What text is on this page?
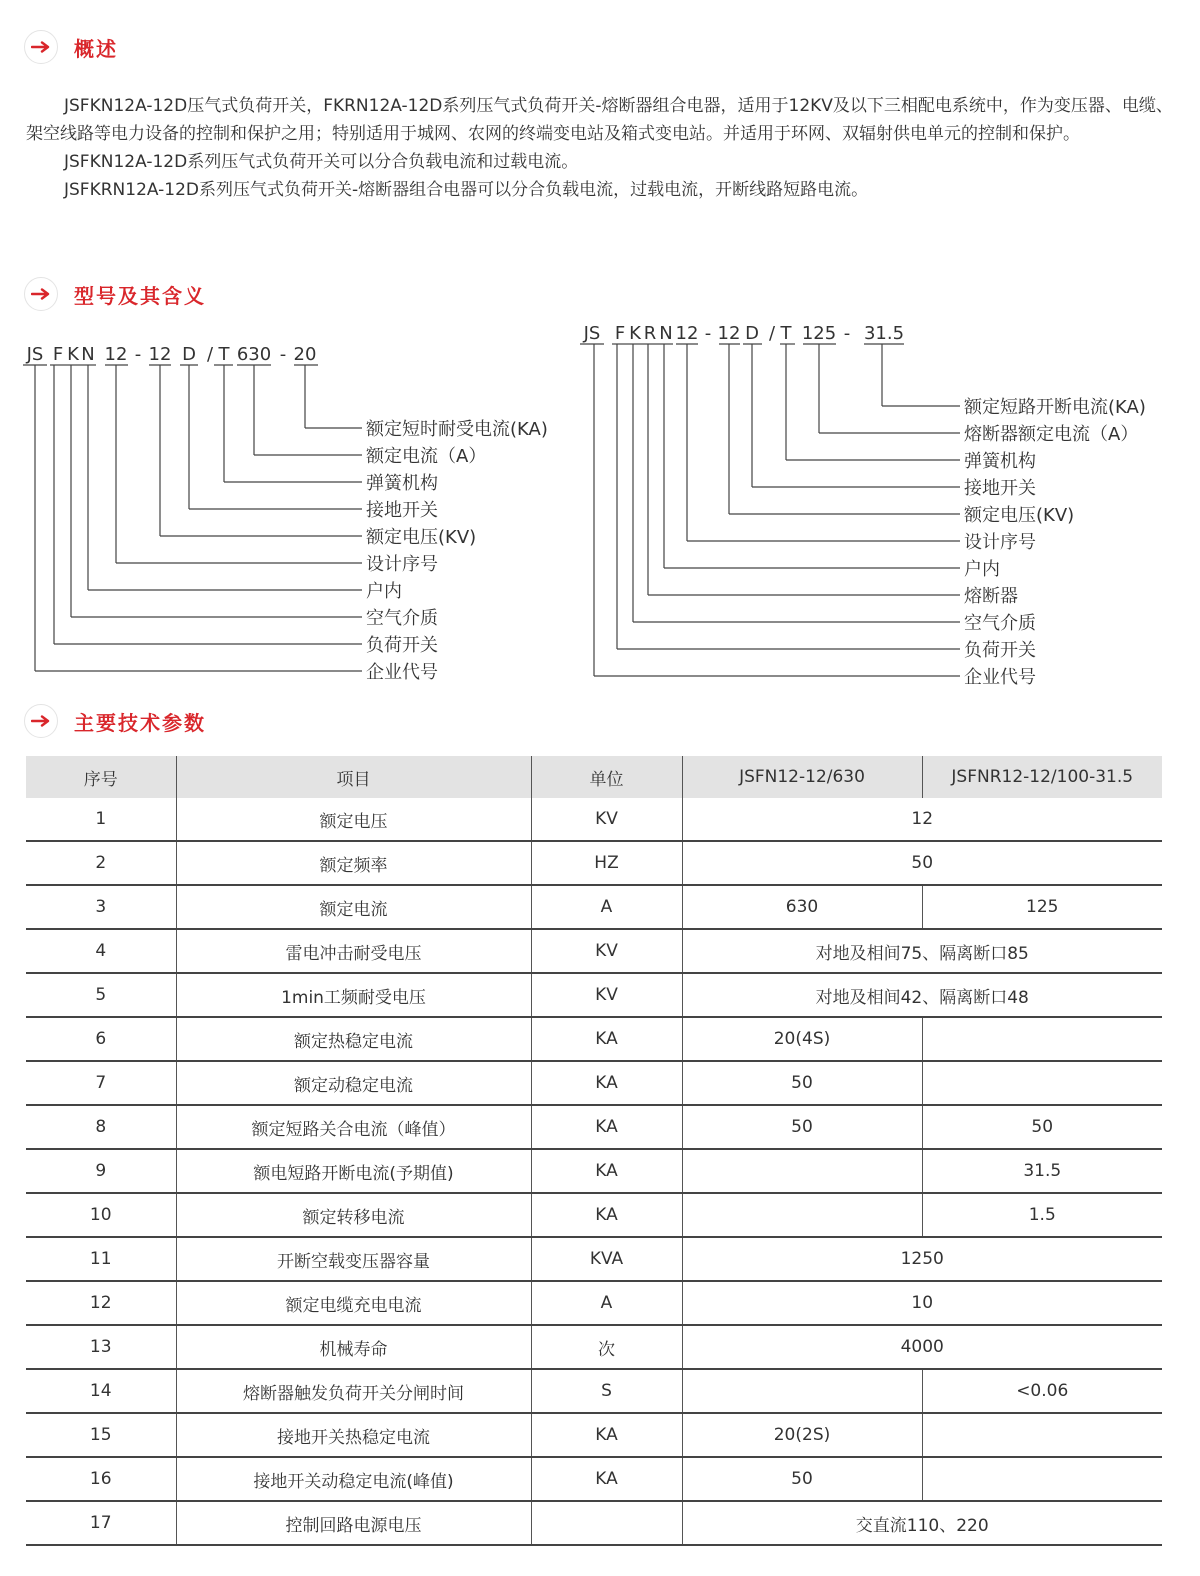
概述

JSFKN12A-12D压气式负荷开关，FKRN12A-12D系列压气式负荷开关-熔断器组合电器，适用于12KV及以下三相配电系统中，作为变压器、电缆、架空线路等电力设备的控制和保护之用；特别适用于城网、农网的终端变电站及箱式变电站。并适用于环网、双辐射供电单元的控制和保护。

JSFKN12A-12D系列压气式负荷开关可以分合负载电流和过载电流。

JSFKRN12A-12D系列压气式负荷开关-熔断器组合电器可以分合负载电流，过载电流，开断线路短路电流。

型号及其含义
JS F K N 12 - 12 D / T 630 - 20
额定短时耐受电流(KA)
额定电流（A）
弹簧机构
接地开关
额定电压(KV)
设计序号
户内
空气介质
负荷开关
企业代号
JS F K R N 12 - 12 D / T 125 - 31.5
额定短路开断电流(KA)
熔断器额定电流（A）
弹簧机构
接地开关
额定电压(KV)
设计序号
户内
熔断器
空气介质
负荷开关
企业代号
主要技术参数
序号	项目	单位	JSFN12-12/630	JSFNR12-12/100-31.5
1	额定电压	KV	12	
2	额定频率	HZ	50	
3	额定电流	A	630	125
4	雷电冲击耐受电压	KV	对地及相间75、隔离断口85	
5	1min工频耐受电压	KV	对地及相间42、隔离断口48	
6	额定热稳定电流	KA	20(4S)	
7	额定动稳定电流	KA	50	
8	额定短路关合电流（峰值）	KA	50	50
9	额电短路开断电流(予期值)	KA		31.5
10	额定转移电流	KA		1.5
11	开断空载变压器容量	KVA	1250	
12	额定电缆充电电流	A	10	
13	机械寿命	次	4000	
14	熔断器触发负荷开关分闸时间	S		<0.06
15	接地开关热稳定电流	KA	20(2S)	
16	接地开关动稳定电流(峰值)	KA	50	
17	控制回路电源电压		交直流110、220	
